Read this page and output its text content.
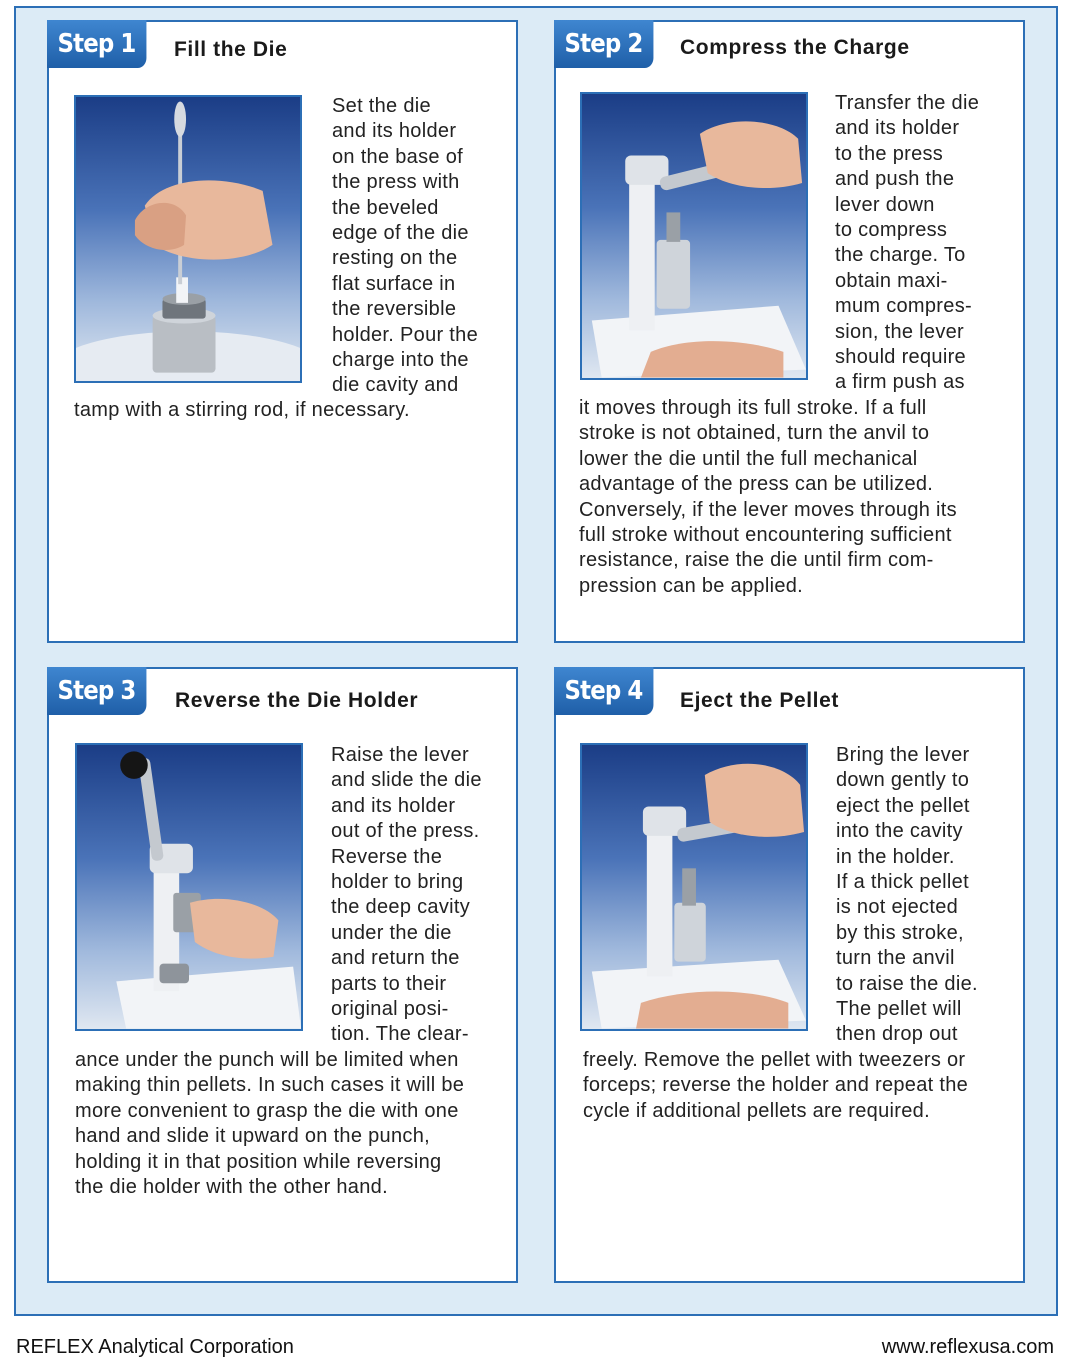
Step 1	Fill the Die
Set the die
and its holder
on the base of
the press with
the beveled
edge of the die
resting on the
flat surface in
the reversible
holder. Pour the
charge into the
die cavity and
tamp with a stirring rod, if necessary.
Step 2	Compress the Charge
Transfer the die
and its holder
to the press
and push the
lever down
to compress
the charge. To
obtain maxi-
mum compres-
sion, the lever
should require
a firm push as
it moves through its full stroke. If a full
stroke is not obtained, turn the anvil to
lower the die until the full mechanical
advantage of the press can be utilized.
Conversely, if the lever moves through its
full stroke without encountering sufficient
resistance, raise the die until firm com-
pression can be applied.
Step 3	Reverse the Die Holder
Raise the lever
and slide the die
and its holder
out of the press.
Reverse the
holder to bring
the deep cavity
under the die
and return the
parts to their
original posi-
tion. The clear-
ance under the punch will be limited when
making thin pellets. In such cases it will be
more convenient to grasp the die with one
hand and slide it upward on the punch,
holding it in that position while reversing
the die holder with the other hand.
Step 4	Eject the Pellet
Bring the lever
down gently to
eject the pellet
into the cavity
in the holder.
If a thick pellet
is not ejected
by this stroke,
turn the anvil
to raise the die.
The pellet will
then drop out
freely. Remove the pellet with tweezers or
forceps; reverse the holder and repeat the
cycle if additional pellets are required.
REFLEX Analytical Corporation	www.reflexusa.com
